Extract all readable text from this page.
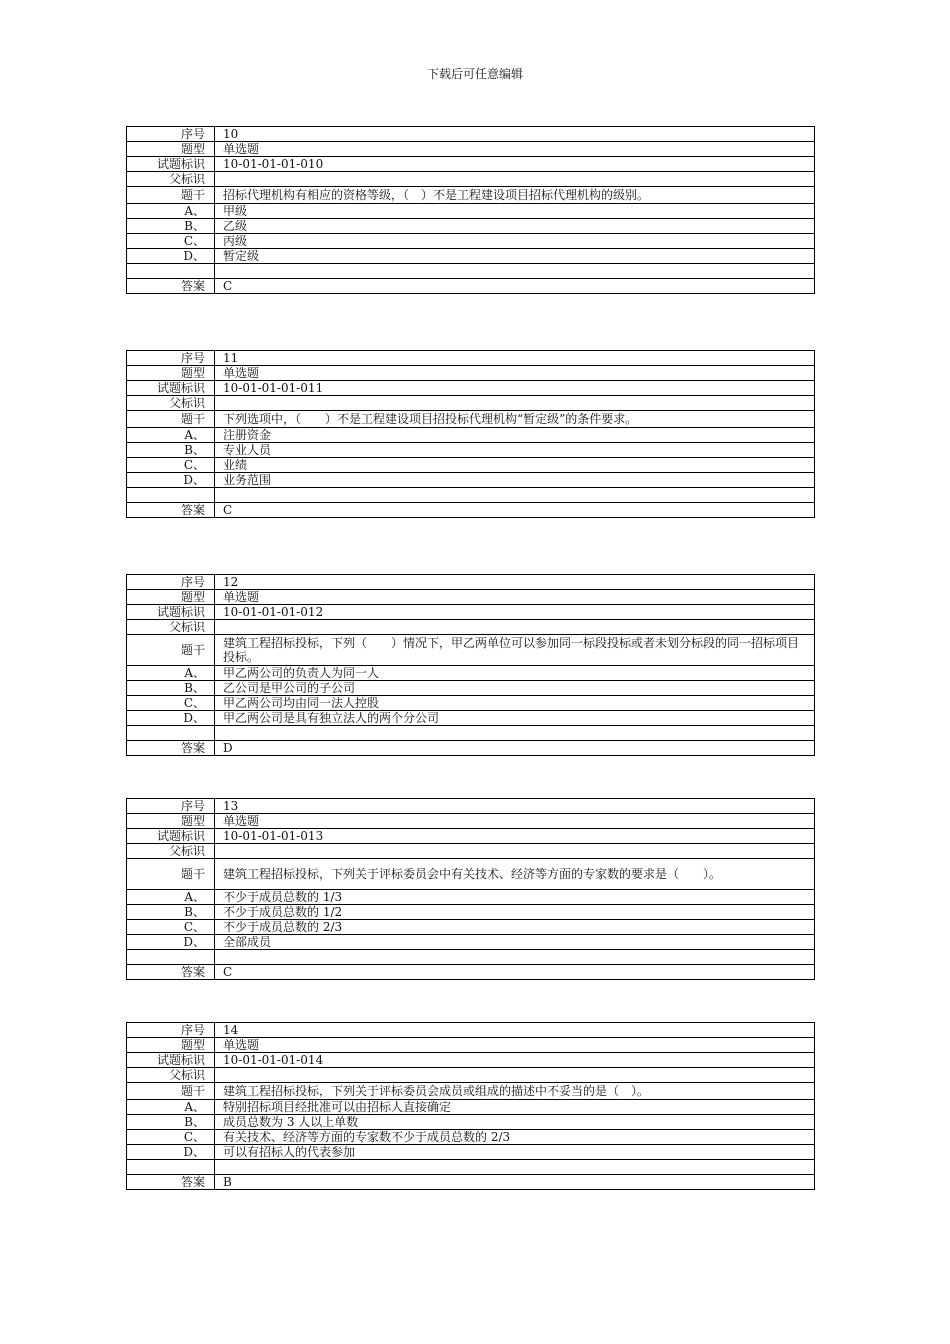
下载后可任意编辑
序号	10
题型	单选题
试题标识	10-01-01-01-010
父标识	
题干	招标代理机构有相应的资格等级，（　）不是工程建设项目招标代理机构的级别。
A、	甲级
B、	乙级
C、	丙级
D、	暂定级

答案	C
序号	11
题型	单选题
试题标识	10-01-01-01-011
父标识	
题干	下列选项中，（　　）不是工程建设项目招投标代理机构“暂定级”的条件要求。
A、	注册资金
B、	专业人员
C、	业绩
D、	业务范围

答案	C
序号	12
题型	单选题
试题标识	10-01-01-01-012
父标识	
题干	建筑工程招标投标，下列（　　）情况下，甲乙两单位可以参加同一标段投标或者未划分标段的同一招标项目投标。
A、	甲乙两公司的负责人为同一人
B、	乙公司是甲公司的子公司
C、	甲乙两公司均由同一法人控股
D、	甲乙两公司是具有独立法人的两个分公司

答案	D
序号	13
题型	单选题
试题标识	10-01-01-01-013
父标识	
题干	建筑工程招标投标，下列关于评标委员会中有关技术、经济等方面的专家数的要求是（　　）。
A、	不少于成员总数的 1/3
B、	不少于成员总数的 1/2
C、	不少于成员总数的 2/3
D、	全部成员

答案	C
序号	14
题型	单选题
试题标识	10-01-01-01-014
父标识	
题干	建筑工程招标投标，下列关于评标委员会成员或组成的描述中不妥当的是（　）。
A、	特别招标项目经批准可以由招标人直接确定
B、	成员总数为 3 人以上单数
C、	有关技术、经济等方面的专家数不少于成员总数的 2/3
D、	可以有招标人的代表参加

答案	B
